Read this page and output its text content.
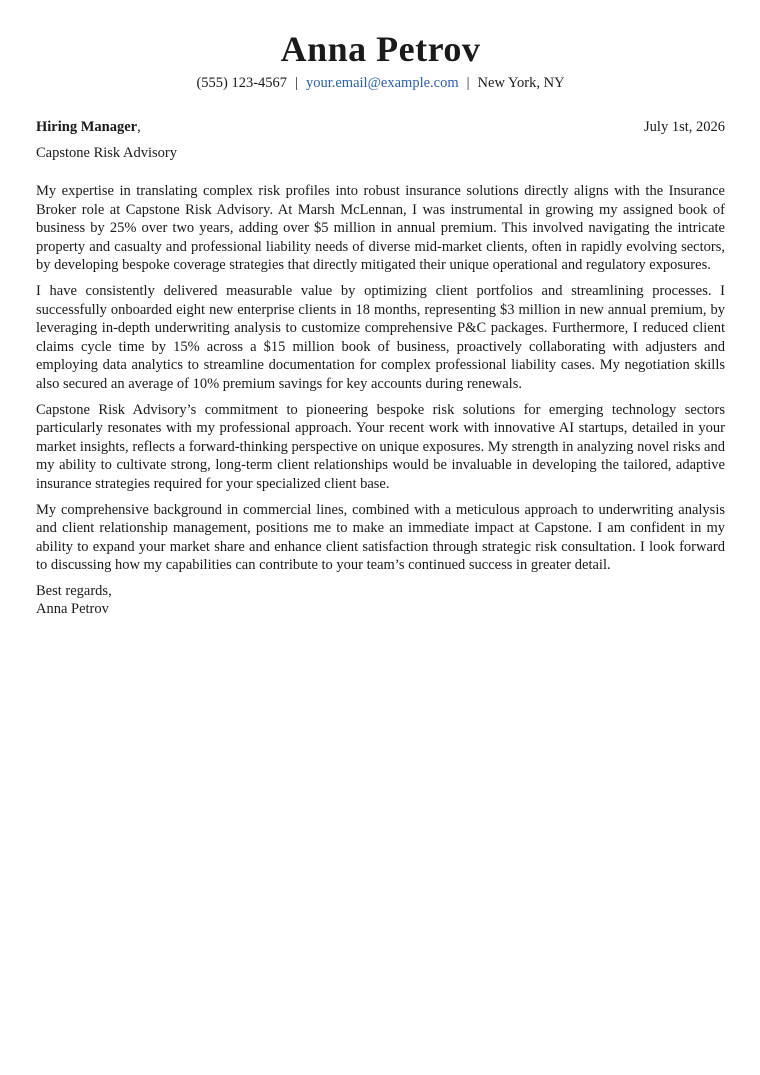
Anna Petrov
(555) 123-4567 | your.email@example.com | New York, NY
Hiring Manager,	July 1st, 2026
Capstone Risk Advisory

My expertise in translating complex risk profiles into robust insurance solutions directly aligns with the Insurance Broker role at Capstone Risk Advisory. At Marsh McLennan, I was instrumental in growing my assigned book of business by 25% over two years, adding over $5 million in annual premium. This involved navigating the intricate property and casualty and professional liability needs of diverse mid-market clients, often in rapidly evolving sectors, by developing bespoke coverage strategies that directly mitigated their unique operational and regulatory exposures.

I have consistently delivered measurable value by optimizing client portfolios and streamlining processes. I successfully onboarded eight new enterprise clients in 18 months, representing $3 million in new annual premium, by leveraging in-depth underwriting analysis to customize comprehensive P&C packages. Furthermore, I reduced client claims cycle time by 15% across a $15 million book of business, proactively collaborating with adjusters and employing data analytics to streamline documentation for complex professional liability cases. My negotiation skills also secured an average of 10% premium savings for key accounts during renewals.

Capstone Risk Advisory’s commitment to pioneering bespoke risk solutions for emerging technology sectors particularly resonates with my professional approach. Your recent work with innovative AI startups, detailed in your market insights, reflects a forward-thinking perspective on unique exposures. My strength in analyzing novel risks and my ability to cultivate strong, long-term client relationships would be invaluable in developing the tailored, adaptive insurance strategies required for your specialized client base.

My comprehensive background in commercial lines, combined with a meticulous approach to underwriting analysis and client relationship management, positions me to make an immediate impact at Capstone. I am confident in my ability to expand your market share and enhance client satisfaction through strategic risk consultation. I look forward to discussing how my capabilities can contribute to your team’s continued success in greater detail.

Best regards,
Anna Petrov
